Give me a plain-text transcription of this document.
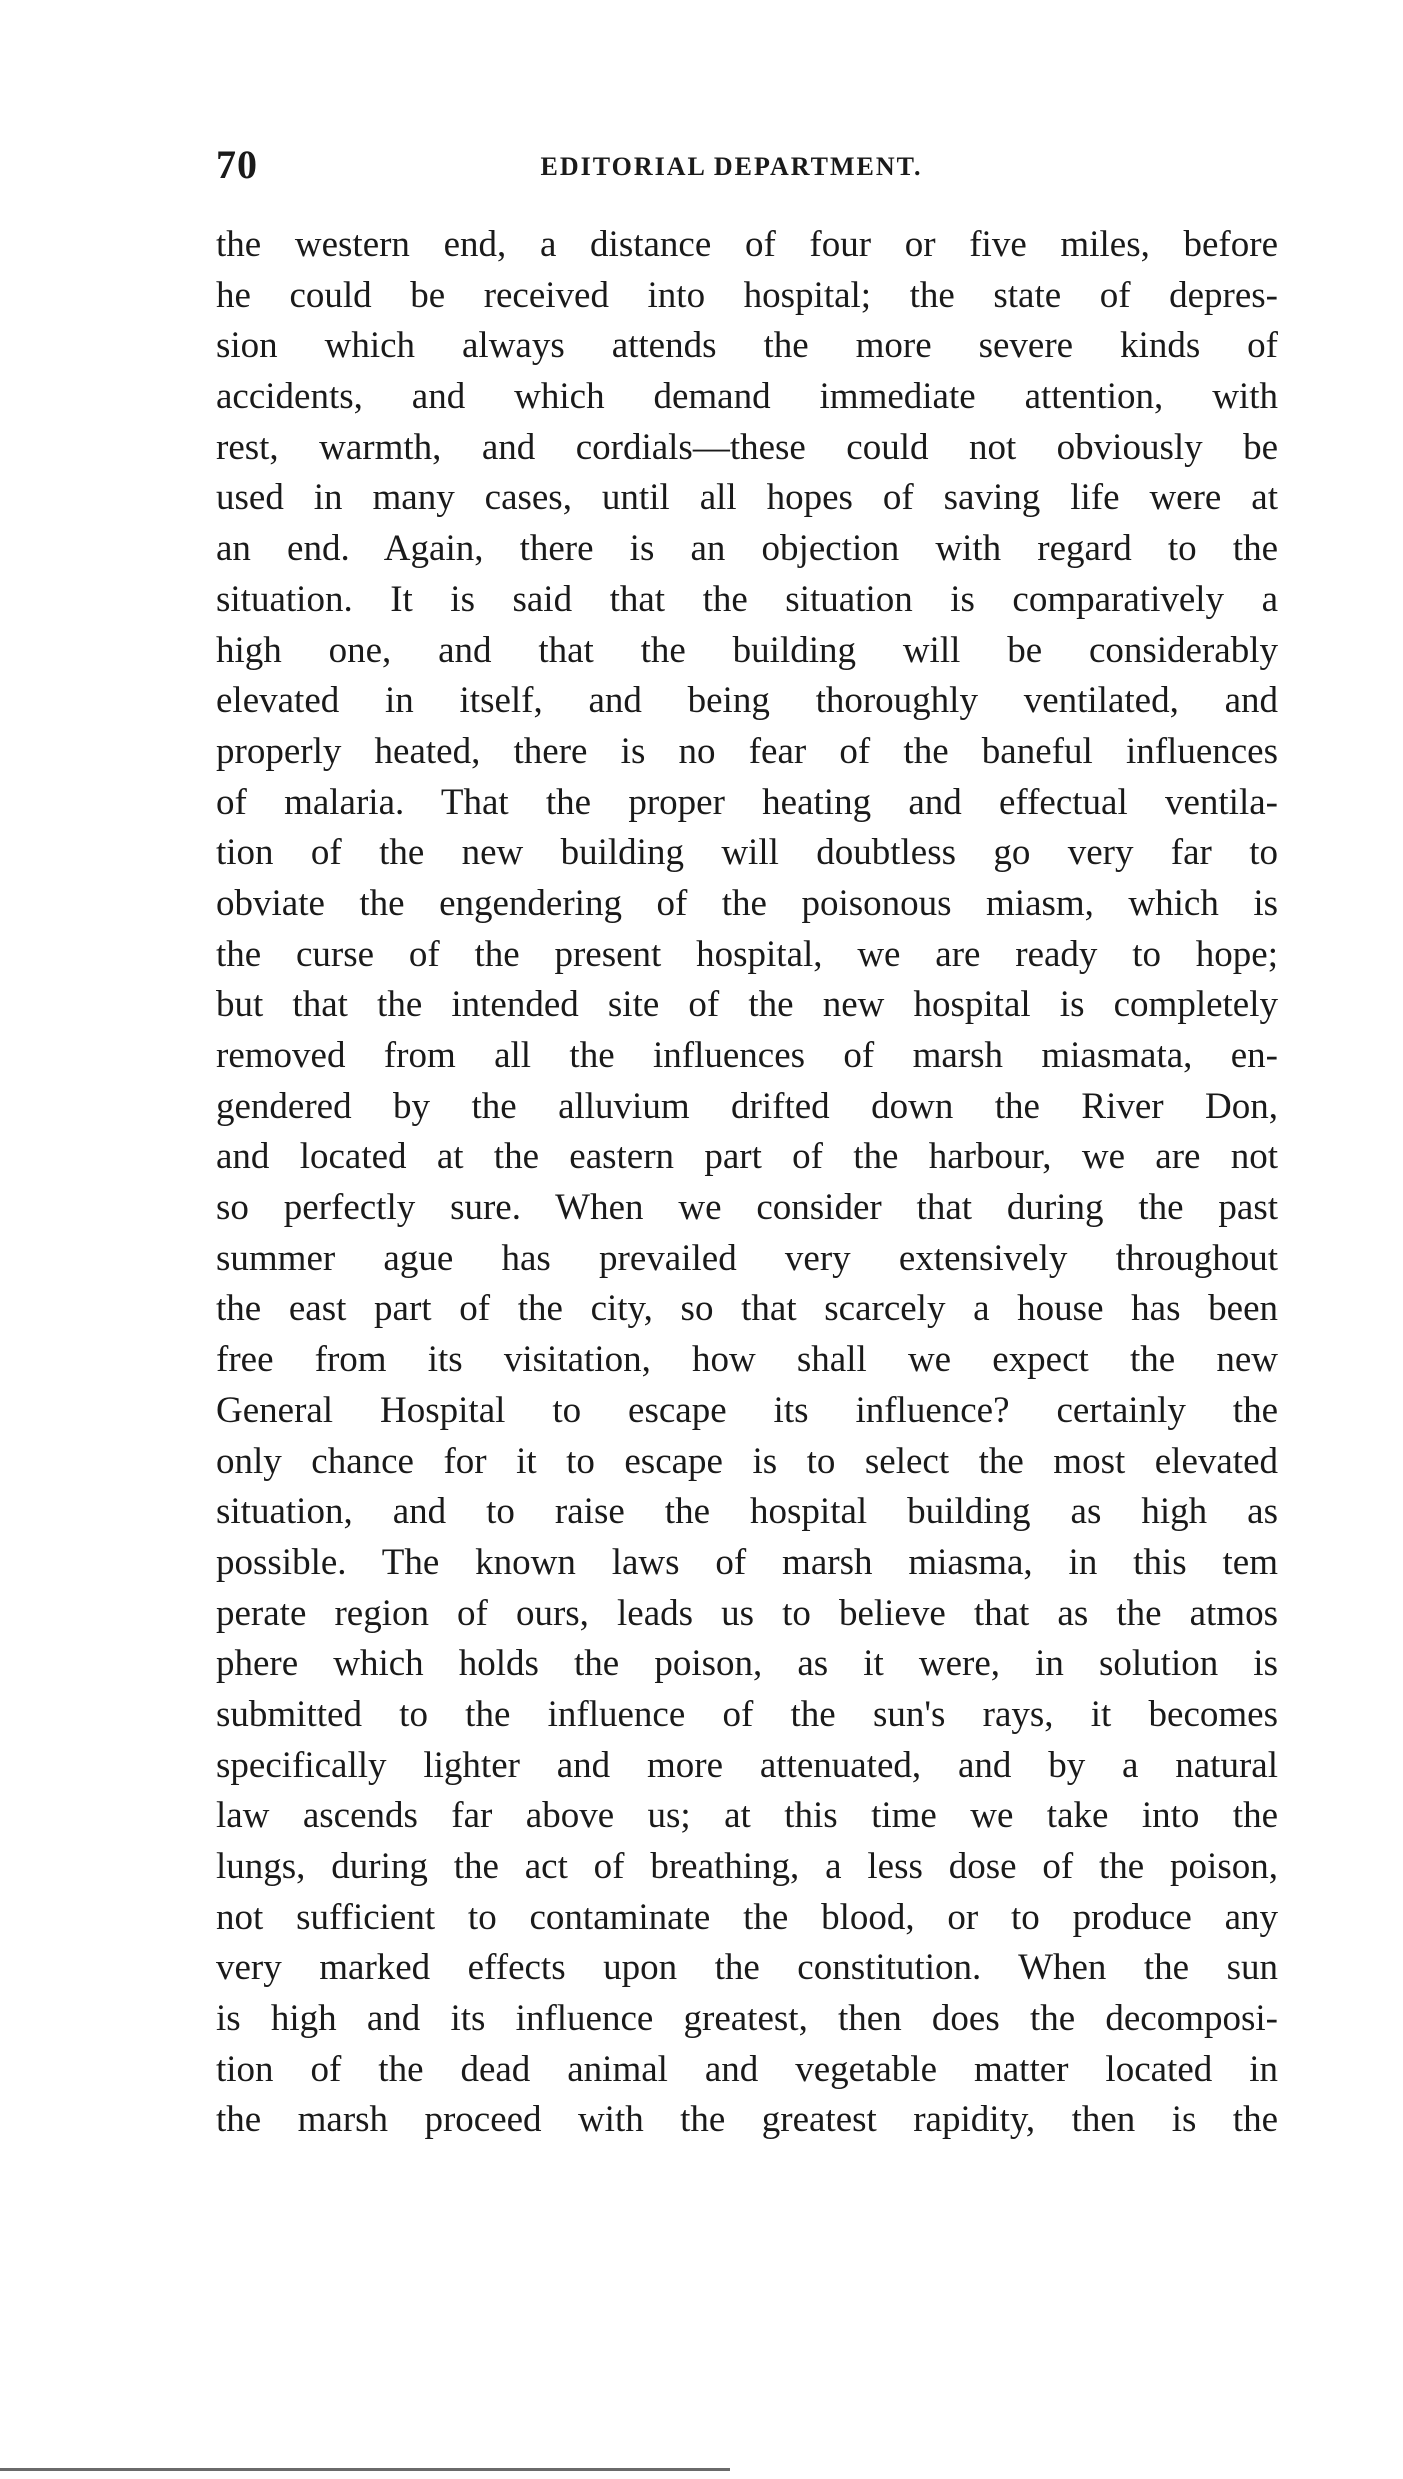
70	EDITORIAL DEPARTMENT.
the western end, a distance of four or five miles, before
he could be received into hospital; the state of depres-
sion which always attends the more severe kinds of
accidents, and which demand immediate attention, with
rest, warmth, and cordials—these could not obviously be
used in many cases, until all hopes of saving life were at
an end. Again, there is an objection with regard to the
situation. It is said that the situation is comparatively a
high one, and that the building will be considerably
elevated in itself, and being thoroughly ventilated, and
properly heated, there is no fear of the baneful influences
of malaria. That the proper heating and effectual ventila-
tion of the new building will doubtless go very far to
obviate the engendering of the poisonous miasm, which is
the curse of the present hospital, we are ready to hope;
but that the intended site of the new hospital is completely
removed from all the influences of marsh miasmata, en-
gendered by the alluvium drifted down the River Don,
and located at the eastern part of the harbour, we are not
so perfectly sure. When we consider that during the past
summer ague has prevailed very extensively throughout
the east part of the city, so that scarcely a house has been
free from its visitation, how shall we expect the new
General Hospital to escape its influence? certainly the
only chance for it to escape is to select the most elevated
situation, and to raise the hospital building as high as
possible. The known laws of marsh miasma, in this tem
perate region of ours, leads us to believe that as the atmos
phere which holds the poison, as it were, in solution is
submitted to the influence of the sun's rays, it becomes
specifically lighter and more attenuated, and by a natural
law ascends far above us; at this time we take into the
lungs, during the act of breathing, a less dose of the poison,
not sufficient to contaminate the blood, or to produce any
very marked effects upon the constitution. When the sun
is high and its influence greatest, then does the decomposi-
tion of the dead animal and vegetable matter located in
the marsh proceed with the greatest rapidity, then is the
